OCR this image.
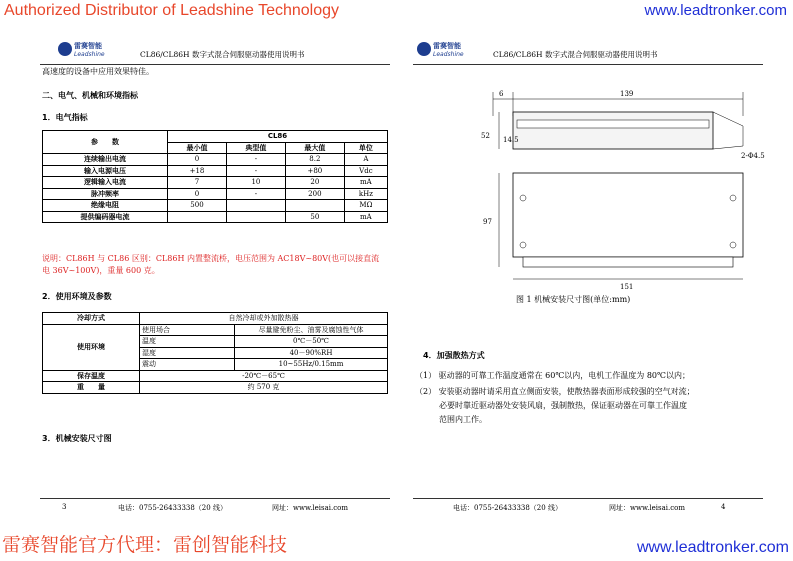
Authorized Distributor of Leadshine Technology	www.leadtronker.com
雷赛智能
Leadshine	CL86/CL86H 数字式混合伺服驱动器使用说明书
高速度的设备中应用效果特佳。
二、电气、机械和环境指标
1．电气指标
参　　数	CL86			
	最小值	典型值	最大值	单位
连续输出电流	0	-	8.2	A
输入电源电压	+18	-	+80	Vdc
逻辑输入电流	7	10	20	mA
脉冲频率	0	-	200	kHz
绝缘电阻	500			MΩ
提供编码器电流			50	mA
说明：CL86H 与 CL86 区别：CL86H 内置整流桥，电压范围为 AC18V~80V(也可以接直流电 36V~100V)，重量 600 克。
2．使用环境及参数
冷却方式	自然冷却或外加散热器	
使用环境	使用场合	尽量避免粉尘、油雾及腐蚀性气体
	温度	0℃－50℃
	湿度	40－90%RH
	震动	10~55Hz/0.15mm
保存温度	-20℃－65℃	
重　　量	约 570 克	
3．机械安装尺寸图
3	电话：0755-26433338（20 线）	网址：www.leisai.com
雷赛智能
Leadshine	CL86/CL86H 数字式混合伺服驱动器使用说明书
6	139
52 14.5
2-Φ4.5
97
151
图 1 机械安装尺寸图(单位:mm)
4．加强散热方式
（1） 驱动器的可靠工作温度通常在 60℃以内，电机工作温度为 80℃以内；
（2） 安装驱动器时请采用直立侧面安装，使散热器表面形成较强的空气对流；
必要时靠近驱动器处安装风扇，强制散热，保证驱动器在可靠工作温度
范围内工作。
电话：0755-26433338（20 线）	网址：www.leisai.com	4
雷赛智能官方代理：雷创智能科技	www.leadtronker.com
